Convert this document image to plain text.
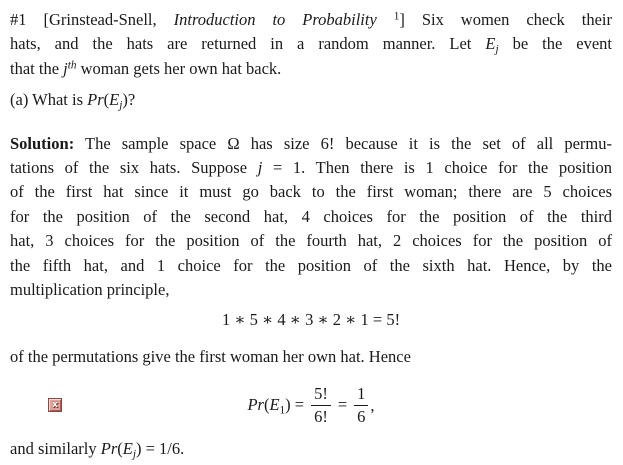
#1 [Grinstead-Snell, Introduction to Probability $^1$] Six women check their
hats, and the hats are returned in a random manner. Let $E_j$ be the event
that the $j^{th}$ woman gets her own hat back.
(a) What is $Pr(E_j)$?
Solution: The sample space Ω has size 6! because it is the set of all permu-
tations of the six hats. Suppose j = 1. Then there is 1 choice for the position
of the first hat since it must go back to the first woman; there are 5 choices
for the position of the second hat, 4 choices for the position of the third
hat, 3 choices for the position of the fourth hat, 2 choices for the position of
the fifth hat, and 1 choice for the position of the sixth hat. Hence, by the
multiplication principle,
1 ∗ 5 ∗ 4 ∗ 3 ∗ 2 ∗ 1 = 5!
of the permutations give the first woman her own hat. Hence
x	$Pr(E_1) = \frac{5!}{6!} = \frac{1}{6}$ ,
and similarly $Pr(E_j) = 1/6$.
